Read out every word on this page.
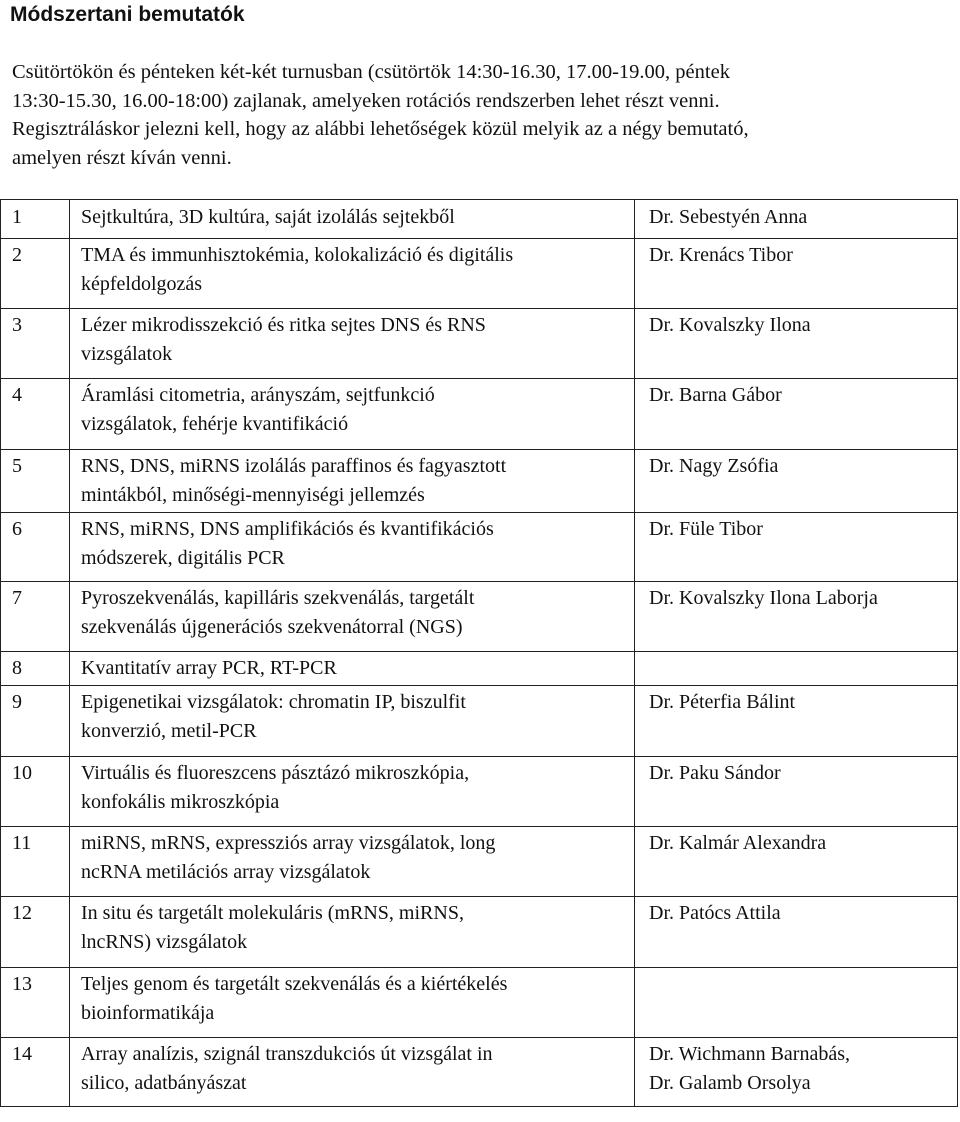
Módszertani bemutatók
Csütörtökön és pénteken két-két turnusban (csütörtök 14:30-16.30, 17.00-19.00, péntek
13:30-15.30, 16.00-18:00) zajlanak, amelyeken rotációs rendszerben lehet részt venni.
Regisztráláskor jelezni kell, hogy az alábbi lehetőségek közül melyik az a négy bemutató,
amelyen részt kíván venni.
1	Sejtkultúra, 3D kultúra, saját izolálás sejtekből	Dr. Sebestyén Anna

2	TMA és immunhisztokémia, kolokalizáció és digitális
képfeldolgozás	Dr. Krenács Tibor

3	Lézer mikrodisszekció és ritka sejtes DNS és RNS
vizsgálatok	Dr. Kovalszky Ilona

4	Áramlási citometria, arányszám, sejtfunkció
vizsgálatok, fehérje kvantifikáció	Dr. Barna Gábor

5	RNS, DNS, miRNS izolálás paraffinos és fagyasztott
mintákból, minőségi-mennyiségi jellemzés	Dr. Nagy Zsófia

6	RNS, miRNS, DNS amplifikációs és kvantifikációs
módszerek, digitális PCR	Dr. Füle Tibor

7	Pyroszekvenálás, kapilláris szekvenálás, targetált
szekvenálás újgenerációs szekvenátorral (NGS)	Dr. Kovalszky Ilona Laborja

8	Kvantitatív array PCR, RT-PCR	

9	Epigenetikai vizsgálatok: chromatin IP, biszulfit
konverzió, metil-PCR	Dr. Péterfia Bálint

10	Virtuális és fluoreszcens pásztázó mikroszkópia,
konfokális mikroszkópia	Dr. Paku Sándor

11	miRNS, mRNS, expressziós array vizsgálatok, long
ncRNA metilációs array vizsgálatok	Dr. Kalmár Alexandra

12	In situ és targetált molekuláris (mRNS, miRNS,
lncRNS) vizsgálatok	Dr. Patócs Attila

13	Teljes genom és targetált szekvenálás és a kiértékelés
bioinformatikája	

14	Array analízis, szignál transzdukciós út vizsgálat in
silico, adatbányászat	Dr. Wichmann Barnabás,
Dr. Galamb Orsolya
